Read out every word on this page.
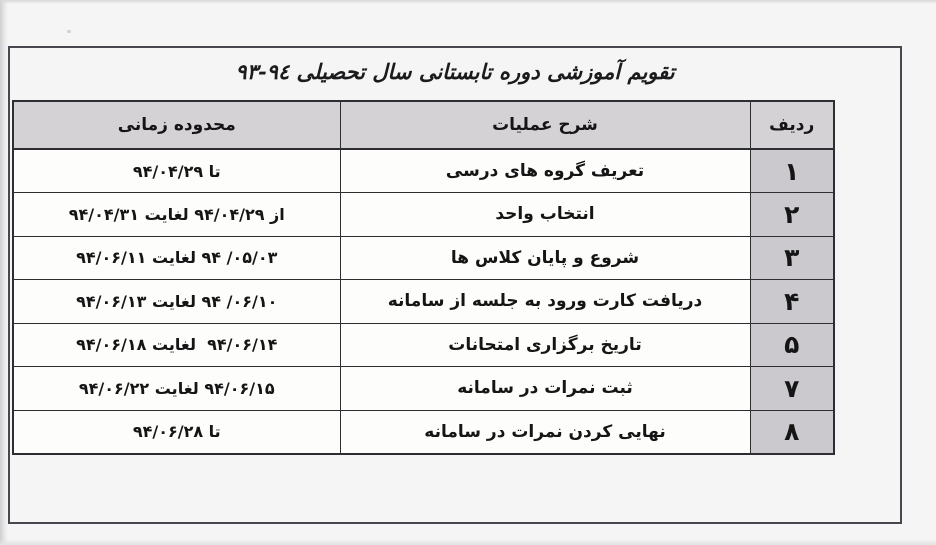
تقویم آموزشی دوره تابستانی سال تحصیلی ٩٤-٩٣
ردیف	شرح عملیات	محدوده زمانی
۱	تعریف گروه های درسی	تا ۹۴/۰۴/۲۹
۲	انتخاب واحد	از ۹۴/۰۴/۲۹ لغایت ۹۴/۰۴/۳۱
۳	شروع و پایان کلاس ها	‪۹۴ /۰۵/۰۳‬ لغایت ۹۴/۰۶/۱۱
۴	دریافت کارت ورود به جلسه از سامانه	‪۹۴ /۰۶/۱۰‬ لغایت ۹۴/۰۶/۱۳
۵	تاریخ برگزاری امتحانات	۹۴/۰۶/۱۴  لغایت ۹۴/۰۶/۱۸
۷	ثبت نمرات در سامانه	۹۴/۰۶/۱۵ لغایت ۹۴/۰۶/۲۲
۸	نهایی کردن نمرات در سامانه	تا ۹۴/۰۶/۲۸
